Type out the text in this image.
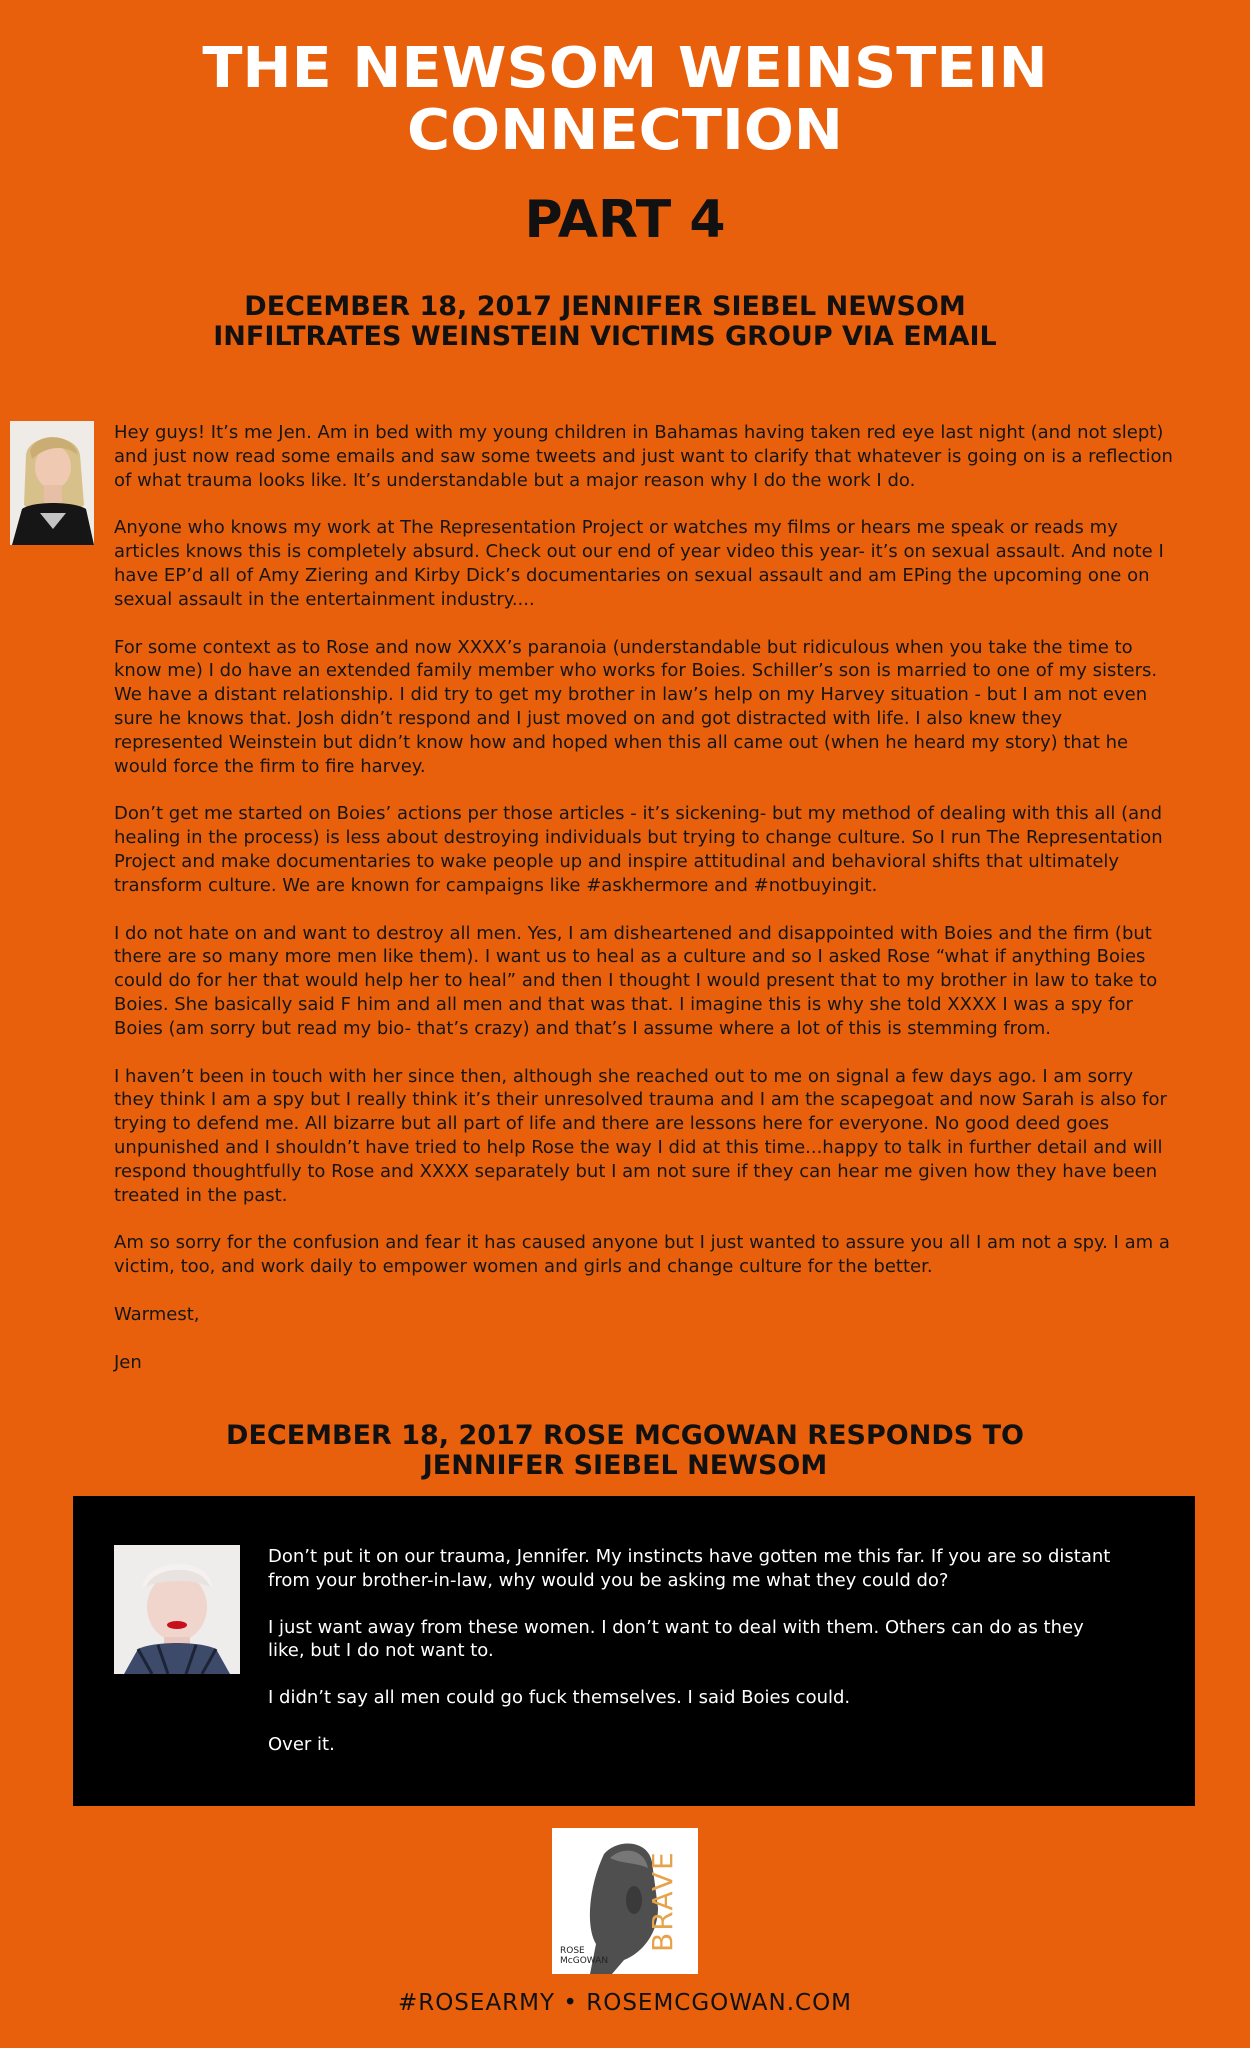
THE NEWSOM WEINSTEIN
CONNECTION
PART 4
DECEMBER 18, 2017 JENNIFER SIEBEL NEWSOM
INFILTRATES WEINSTEIN VICTIMS GROUP VIA EMAIL

Hey guys! It’s me Jen. Am in bed with my young children in Bahamas having taken red eye last night (and not slept) and just now read some emails and saw some tweets and just want to clarify that whatever is going on is a reflection of what trauma looks like. It’s understandable but a major reason why I do the work I do.

Anyone who knows my work at The Representation Project or watches my films or hears me speak or reads my articles knows this is completely absurd. Check out our end of year video this year- it’s on sexual assault. And note I have EP’d all of Amy Ziering and Kirby Dick’s documentaries on sexual assault and am EPing the upcoming one on sexual assault in the entertainment industry....

For some context as to Rose and now XXXX’s paranoia (understandable but ridiculous when you take the time to know me) I do have an extended family member who works for Boies. Schiller’s son is married to one of my sisters. We have a distant relationship. I did try to get my brother in law’s help on my Harvey situation - but I am not even sure he knows that. Josh didn’t respond and I just moved on and got distracted with life. I also knew they represented Weinstein but didn’t know how and hoped when this all came out (when he heard my story) that he would force the firm to fire harvey.

Don’t get me started on Boies’ actions per those articles - it’s sickening- but my method of dealing with this all (and healing in the process) is less about destroying individuals but trying to change culture. So I run The Representation Project and make documentaries to wake people up and inspire attitudinal and behavioral shifts that ultimately transform culture. We are known for campaigns like #askhermore and #notbuyingit.

I do not hate on and want to destroy all men. Yes, I am disheartened and disappointed with Boies and the firm (but there are so many more men like them). I want us to heal as a culture and so I asked Rose “what if anything Boies could do for her that would help her to heal” and then I thought I would present that to my brother in law to take to Boies. She basically said F him and all men and that was that. I imagine this is why she told XXXX I was a spy for Boies (am sorry but read my bio- that’s crazy) and that’s I assume where a lot of this is stemming from.

I haven’t been in touch with her since then, although she reached out to me on signal a few days ago. I am sorry they think I am a spy but I really think it’s their unresolved trauma and I am the scapegoat and now Sarah is also for trying to defend me. All bizarre but all part of life and there are lessons here for everyone. No good deed goes unpunished and I shouldn’t have tried to help Rose the way I did at this time...happy to talk in further detail and will respond thoughtfully to Rose and XXXX separately but I am not sure if they can hear me given how they have been treated in the past.

Am so sorry for the confusion and fear it has caused anyone but I just wanted to assure you all I am not a spy. I am a victim, too, and work daily to empower women and girls and change culture for the better.

Warmest,

Jen

DECEMBER 18, 2017 ROSE MCGOWAN RESPONDS TO
JENNIFER SIEBEL NEWSOM

Don’t put it on our trauma, Jennifer. My instincts have gotten me this far. If you are so distant from your brother-in-law, why would you be asking me what they could do?

I just want away from these women. I don’t want to deal with them. Others can do as they like, but I do not want to.

I didn’t say all men could go fuck themselves. I said Boies could.

Over it.

ROSE
McGOWAN
BRAVE
#ROSEARMY • ROSEMCGOWAN.COM
